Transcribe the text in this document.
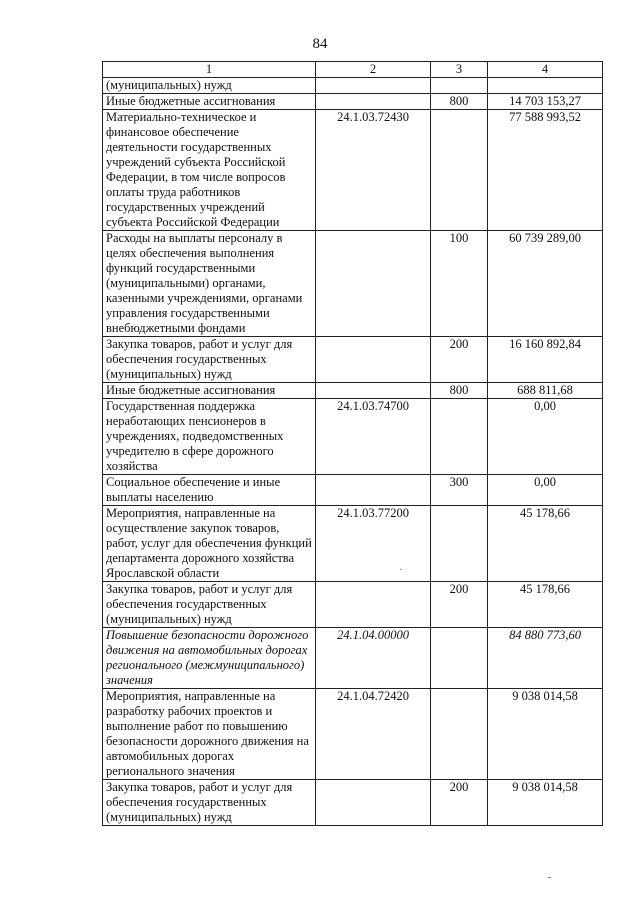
84
1	2	3	4
(муниципальных) нужд			
Иные бюджетные ассигнования		800	14 703 153,27
Материально-техническое и финансовое обеспечение деятельности государственных учреждений субъекта Российской Федерации, в том числе вопросов оплаты труда работников государственных учреждений субъекта Российской Федерации	24.1.03.72430		77 588 993,52
Расходы на выплаты персоналу в целях обеспечения выполнения функций государственными (муниципальными) органами, казенными учреждениями, органами управления государственными внебюджетными фондами		100	60 739 289,00
Закупка товаров, работ и услуг для обеспечения государственных (муниципальных) нужд		200	16 160 892,84
Иные бюджетные ассигнования		800	688 811,68
Государственная поддержка неработающих пенсионеров в учреждениях, подведомственных учредителю в сфере дорожного хозяйства	24.1.03.74700		0,00
Социальное обеспечение и иные выплаты населению		300	0,00
Мероприятия, направленные на осуществление закупок товаров, работ, услуг для обеспечения функций департамента дорожного хозяйства Ярославской области	24.1.03.77200		45 178,66
Закупка товаров, работ и услуг для обеспечения государственных (муниципальных) нужд		200	45 178,66
Повышение безопасности дорожного движения на автомобильных дорогах регионального (межмуниципального) значения	24.1.04.00000		84 880 773,60
Мероприятия, направленные на разработку рабочих проектов и выполнение работ по повышению безопасности дорожного движения на автомобильных дорогах регионального значения	24.1.04.72420		9 038 014,58
Закупка товаров, работ и услуг для обеспечения государственных (муниципальных) нужд		200	9 038 014,58
